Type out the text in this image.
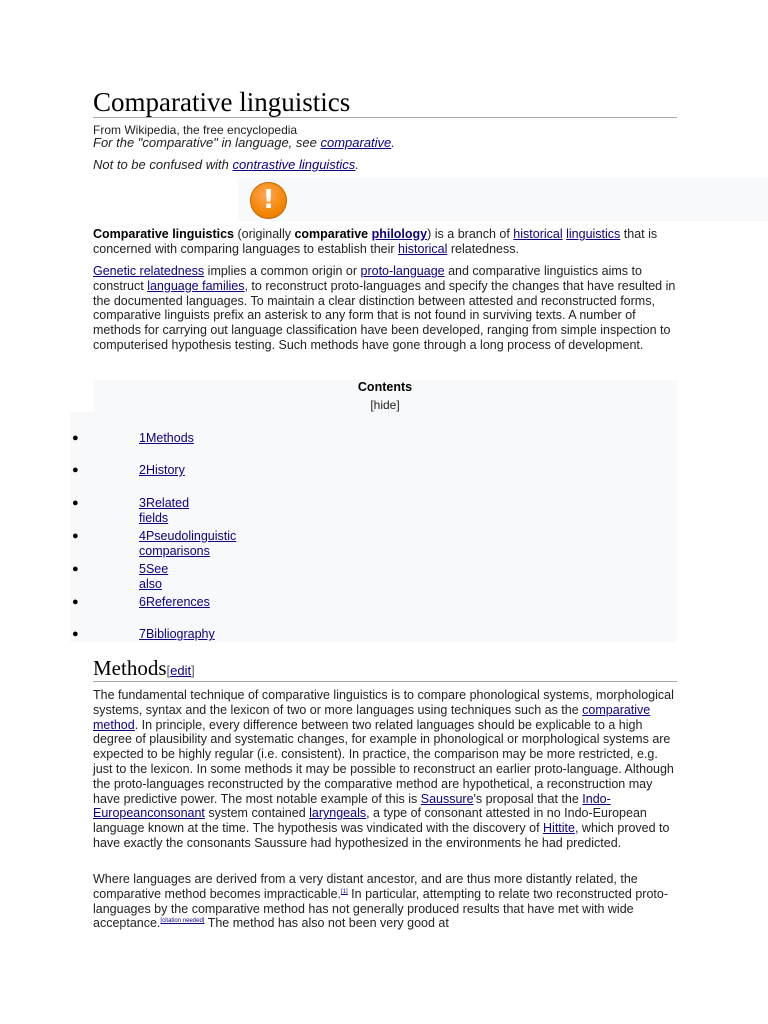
Comparative linguistics
From Wikipedia, the free encyclopedia
For the "comparative" in language, see comparative.
Not to be confused with contrastive linguistics.
!

Comparative linguistics (originally comparative philology) is a branch of historical linguistics that is concerned with comparing languages to establish their historical relatedness.

Genetic relatedness implies a common origin or proto-language and comparative linguistics aims to construct language families, to reconstruct proto-languages and specify the changes that have resulted in the documented languages. To maintain a clear distinction between attested and reconstructed forms, comparative linguists prefix an asterisk to any form that is not found in surviving texts. A number of methods for carrying out language classification have been developed, ranging from simple inspection to computerised hypothesis testing. Such methods have gone through a long process of development.

Contents
[hide]
●	1Methods
●	2History
●	3Related fields
●	4Pseudolinguistic comparisons
●	5See also
●	6References
●	7Bibliography
Methods[edit]

The fundamental technique of comparative linguistics is to compare phonological systems, morphological systems, syntax and the lexicon of two or more languages using techniques such as the comparative method. In principle, every difference between two related languages should be explicable to a high degree of plausibility and systematic changes, for example in phonological or morphological systems are expected to be highly regular (i.e. consistent). In practice, the comparison may be more restricted, e.g. just to the lexicon. In some methods it may be possible to reconstruct an earlier proto-language. Although the proto-languages reconstructed by the comparative method are hypothetical, a reconstruction may have predictive power. The most notable example of this is Saussure's proposal that the Indo-Europeanconsonant system contained laryngeals, a type of consonant attested in no Indo-European language known at the time. The hypothesis was vindicated with the discovery of Hittite, which proved to have exactly the consonants Saussure had hypothesized in the environments he had predicted.

Where languages are derived from a very distant ancestor, and are thus more distantly related, the comparative method becomes impracticable.[1] In particular, attempting to relate two reconstructed proto-languages by the comparative method has not generally produced results that have met with wide acceptance.[citation needed] The method has also not been very good at
